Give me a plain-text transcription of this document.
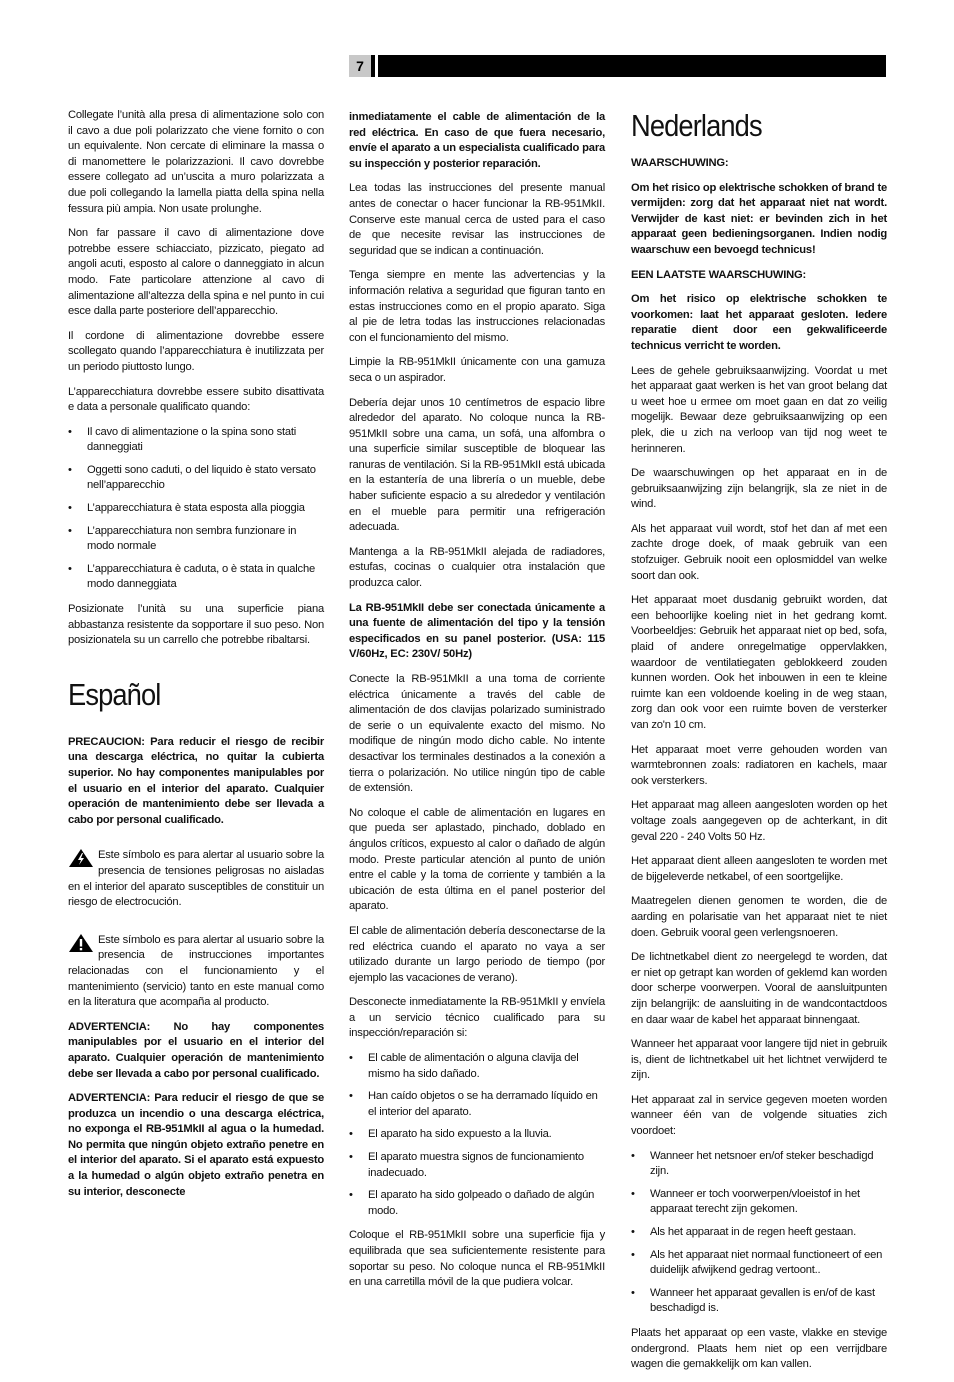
7

Collegate l’unità alla presa di alimentazione solo con il cavo a due poli polarizzato che viene fornito o con un equivalente. Non cercate di eliminare la massa o di manomettere le polarizzazioni. Il cavo dovrebbe essere collegato ad un’uscita a muro polarizzata a due poli collegando la lamella piatta della spina nella fessura più ampia. Non usate prolunghe.

Non far passare il cavo di alimentazione dove potrebbe essere schiacciato, pizzicato, piegato ad angoli acuti, esposto al calore o danneggiato in alcun modo. Fate particolare attenzione al cavo di alimentazione all’altezza della spina e nel punto in cui esce dalla parte posteriore dell’apparecchio.

Il cordone di alimentazione dovrebbe essere scollegato quando l’apparecchiatura è inutilizzata per un periodo piuttosto lungo.

L’apparecchiatura dovrebbe essere subito disattivata e data a personale qualificato quando:

• Il cavo di alimentazione o la spina sono stati danneggiati
• Oggetti sono caduti, o del liquido è stato versato nell’apparecchio
• L’apparecchiatura è stata esposta alla pioggia
• L’apparecchiatura non sembra funzionare in modo normale
• L’apparecchiatura è caduta, o è stata in qualche modo danneggiata

Posizionate l’unità su una superficie piana abbastanza resistente da sopportare il suo peso. Non posizionatela su un carrello che potrebbe ribaltarsi.

Español

PRECAUCION: Para reducir el riesgo de recibir una descarga eléctrica, no quitar la cubierta superior. No hay componentes manipulables por el usuario en el interior del aparato. Cualquier operación de mantenimiento debe ser llevada a cabo por personal cualificado.

Este símbolo es para alertar al usuario sobre la presencia de tensiones peligrosas no aisladas en el interior del aparato susceptibles de constituir un riesgo de electrocución.

Este símbolo es para alertar al usuario sobre la presencia de instrucciones importantes relacionadas con el funcionamiento y el mantenimiento (servicio) tanto en este manual como en la literatura que acompaña al producto.

ADVERTENCIA: No hay componentes manipulables por el usuario en el interior del aparato. Cualquier operación de mantenimiento debe ser llevada a cabo por personal cualificado.

ADVERTENCIA: Para reducir el riesgo de que se produzca un incendio o una descarga eléctrica, no exponga el RB-951MkII al agua o la humedad. No permita que ningún objeto extraño penetre en el interior del aparato. Si el aparato está expuesto a la humedad o algún objeto extraño penetra en su interior, desconecte

inmediatamente el cable de alimentación de la red eléctrica. En caso de que fuera necesario, envíe el aparato a un especialista cualificado para su inspección y posterior reparación.

Lea todas las instrucciones del presente manual antes de conectar o hacer funcionar la RB-951MkII. Conserve este manual cerca de usted para el caso de que necesite revisar las instrucciones de seguridad que se indican a continuación.

Tenga siempre en mente las advertencias y la información relativa a seguridad que figuran tanto en estas instrucciones como en el propio aparato. Siga al pie de letra todas las instrucciones relacionadas con el funcionamiento del mismo.

Limpie la RB-951MkII únicamente con una gamuza seca o un aspirador.

Debería dejar unos 10 centímetros de espacio libre alrededor del aparato. No coloque nunca la RB-951MkII sobre una cama, un sofá, una alfombra o una superficie similar susceptible de bloquear las ranuras de ventilación. Si la RB-951MkII está ubicada en la estantería de una librería o un mueble, debe haber suficiente espacio a su alrededor y ventilación en el mueble para permitir una refrigeración adecuada.

Mantenga a la RB-951MkII alejada de radiadores, estufas, cocinas o cualquier otra instalación que produzca calor.

La RB-951MkII debe ser conectada únicamente a una fuente de alimentación del tipo y la tensión especificados en su panel posterior. (USA: 115 V/60Hz, EC: 230V/ 50Hz)

Conecte la RB-951MkII a una toma de corriente eléctrica únicamente a través del cable de alimentación de dos clavijas polarizado suministrado de serie o un equivalente exacto del mismo. No modifique de ningún modo dicho cable. No intente desactivar los terminales destinados a la conexión a tierra o polarización. No utilice ningún tipo de cable de extensión.

No coloque el cable de alimentación en lugares en que pueda ser aplastado, pinchado, doblado en ángulos críticos, expuesto al calor o dañado de algún modo. Preste particular atención al punto de unión entre el cable y la toma de corriente y también a la ubicación de esta última en el panel posterior del aparato.

El cable de alimentación debería desconectarse de la red eléctrica cuando el aparato no vaya a ser utilizado durante un largo periodo de tiempo (por ejemplo las vacaciones de verano).

Desconecte inmediatamente la RB-951MkII y envíela a un servicio técnico cualificado para su inspección/reparación si:

• El cable de alimentación o alguna clavija del mismo ha sido dañado.
• Han caído objetos o se ha derramado líquido en el interior del aparato.
• El aparato ha sido expuesto a la lluvia.
• El aparato muestra signos de funcionamiento inadecuado.
• El aparato ha sido golpeado o dañado de algún modo.

Coloque el RB-951MkII sobre una superficie fija y equilibrada que sea suficientemente resistente para soportar su peso. No coloque nunca el RB-951MkII en una carretilla móvil de la que pudiera volcar.

Nederlands

WAARSCHUWING:

Om het risico op elektrische schokken of brand te vermijden: zorg dat het apparaat niet nat wordt. Verwijder de kast niet: er bevinden zich in het apparaat geen bedieningsorganen. Indien nodig waarschuw een bevoegd technicus!

EEN LAATSTE WAARSCHUWING:

Om het risico op elektrische schokken te voorkomen: laat het apparaat gesloten. Iedere reparatie dient door een gekwalificeerde technicus verricht te worden.

Lees de gehele gebruiksaanwijzing. Voordat u met het apparaat gaat werken is het van groot belang dat u weet hoe u ermee om moet gaan en dat zo veilig mogelijk. Bewaar deze gebruiksaanwijzing op een plek, die u zich na verloop van tijd nog weet te herinneren.

De waarschuwingen op het apparaat en in de gebruiksaanwijzing zijn belangrijk, sla ze niet in de wind.

Als het apparaat vuil wordt, stof het dan af met een zachte droge doek, of maak gebruik van een stofzuiger. Gebruik nooit een oplosmiddel van welke soort dan ook.

Het apparaat moet dusdanig gebruikt worden, dat een behoorlijke koeling niet in het gedrang komt. Voorbeeldjes: Gebruik het apparaat niet op bed, sofa, plaid of andere onregelmatige oppervlakken, waardoor de ventilatiegaten geblokkeerd zouden kunnen worden. Ook het inbouwen in een te kleine ruimte kan een voldoende koeling in de weg staan, zorg dan ook voor een ruimte boven de versterker van zo'n 10 cm.

Het apparaat moet verre gehouden worden van warmtebronnen zoals: radiatoren en kachels, maar ook versterkers.

Het apparaat mag alleen aangesloten worden op het voltage zoals aangegeven op de achterkant, in dit geval 220 - 240 Volts 50 Hz.

Het apparaat dient alleen aangesloten te worden met de bijgeleverde netkabel, of een soortgelijke.

Maatregelen dienen genomen te worden, die de aarding en polarisatie van het apparaat niet te niet doen. Gebruik vooral geen verlengsnoeren.

De lichtnetkabel dient zo neergelegd te worden, dat er niet op getrapt kan worden of geklemd kan worden door scherpe voorwerpen. Vooral de aansluitpunten zijn belangrijk: de aansluiting in de wandcontactdoos en daar waar de kabel het apparaat binnengaat.

Wanneer het apparaat voor langere tijd niet in gebruik is, dient de lichtnetkabel uit het lichtnet verwijderd te zijn.

Het apparaat zal in service gegeven moeten worden wanneer één van de volgende situaties zich voordoet:

• Wanneer het netsnoer en/of steker beschadigd zijn.
• Wanneer er toch voorwerpen/vloeistof in het apparaat terecht zijn gekomen.
• Als het apparaat in de regen heeft gestaan.
• Als het apparaat niet normaal functioneert of een duidelijk afwijkend gedrag vertoont..
• Wanneer het apparaat gevallen is en/of de kast beschadigd is.

Plaats het apparaat op een vaste, vlakke en stevige ondergrond. Plaats hem niet op een verrijdbare wagen die gemakkelijk om kan vallen.
